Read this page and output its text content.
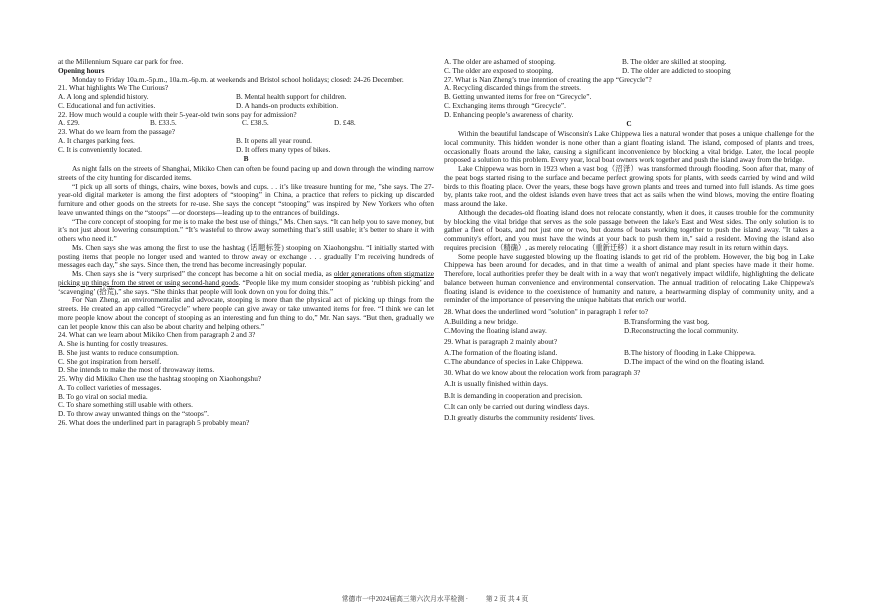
at the Millennium Square car park for free.

Opening hours

Monday to Friday 10a.m.-5p.m., 10a.m.-6p.m. at weekends and Bristol school holidays; closed: 24-26 December.

21. What highlights We The Curious?

A. A long and splendid history.	B. Mental health support for children.
C. Educational and fun activities.	D. A hands-on products exhibition.

22. How much would a couple with their 5-year-old twin sons pay for admission?

A. £29.	B. £33.5.	C. £38.5.	D. £48.

23. What do we learn from the passage?

A. It charges parking fees.	B. It opens all year round.
C. It is conveniently located.	D. It offers many types of bikes.

B

As night falls on the streets of Shanghai, Mikiko Chen can often be found pacing up and down through the winding narrow streets of the city hunting for discarded items.

“I pick up all sorts of things, chairs, wine boxes, bowls and cups. . . it’s like treasure hunting for me, ”she says. The 27-year-old digital marketer is among the first adopters of “stooping” in China, a practice that refers to picking up discarded furniture and other goods on the streets for re-use. She says the concept “stooping” was inspired by New Yorkers who often leave unwanted things on the “stoops” —or doorsteps—leading up to the entrances of buildings.

“The core concept of stooping for me is to make the best use of things,” Ms. Chen says. “It can help you to save money, but it’s not just about lowering consumption.” “It’s wasteful to throw away something that’s still usable; it’s better to share it with others who need it.”

Ms. Chen says she was among the first to use the hashtag (话题标签) stooping on Xiaohongshu. “I initially started with posting items that people no longer used and wanted to throw away or exchange . . . gradually I’m receiving hundreds of messages each day,” she says. Since then, the trend has become increasingly popular.

Ms. Chen says she is “very surprised” the concept has become a hit on social media, as older generations often stigmatize picking up things from the street or using second-hand goods. “People like my mum consider stooping as ‘rubbish picking’ and ‘scavenging’ (拾荒),” she says. “She thinks that people will look down on you for doing this.”

For Nan Zheng, an environmentalist and advocate, stooping is more than the physical act of picking up things from the streets. He created an app called “Grecycle” where people can give away or take unwanted items for free. “I think we can let more people know about the concept of stooping as an interesting and fun thing to do,” Mr. Nan says. “But then, gradually we can let people know this can also be about charity and helping others.”

24. What can we learn about Mikiko Chen from paragraph 2 and 3?

A. She is hunting for costly treasures.

B. She just wants to reduce consumption.

C. She got inspiration from herself.

D. She intends to make the most of throwaway items.

25. Why did Mikiko Chen use the hashtag stooping on Xiaohongshu?

A. To collect varieties of messages.

B. To go viral on social media.

C. To share something still usable with others.

D. To throw away unwanted things on the “stoops”.

26. What does the underlined part in paragraph 5 probably mean?

A. The older are ashamed of stooping.	B. The older are skilled at stooping.
C. The older are exposed to stooping.	D. The older are addicted to stooping

27. What is Nan Zheng’s true intention of creating the app “Grecycle”?

A. Recycling discarded things from the streets.

B. Getting unwanted items for free on “Grecycle”.

C. Exchanging items through “Grecycle”.

D. Enhancing people’s awareness of charity.

C

Within the beautiful landscape of Wisconsin's Lake Chippewa lies a natural wonder that poses a unique challenge for the local community. This hidden wonder is none other than a giant floating island. The island, composed of plants and trees, occasionally floats around the lake, causing a significant inconvenience by blocking a vital bridge. Later, the local people proposed a solution to this problem. Every year, local boat owners work together and push the island away from the bridge.

Lake Chippewa was born in 1923 when a vast bog（沼泽）was transformed through flooding. Soon after that, many of the peat bogs started rising to the surface and became perfect growing spots for plants, with seeds carried by wind and wild birds to this floating place. Over the years, these bogs have grown plants and trees and turned into full islands. As time goes by, plants take root, and the oldest islands even have trees that act as sails when the wind blows, moving the entire floating mass around the lake.

Although the decades-old floating island does not relocate constantly, when it does, it causes trouble for the community by blocking the vital bridge that serves as the sole passage between the lake's East and West sides. The only solution is to gather a fleet of boats, and not just one or two, but dozens of boats working together to push the island away. "It takes a community's effort, and you must have the winds at your back to push them in," said a resident. Moving the island also requires precision（精确）, as merely relocating（重新迁移）it a short distance may result in its return within days.

Some people have suggested blowing up the floating islands to get rid of the problem. However, the big bog in Lake Chippewa has been around for decades, and in that time a wealth of animal and plant species have made it their home. Therefore, local authorities prefer they be dealt with in a way that won't negatively impact wildlife, highlighting the delicate balance between human convenience and environmental conservation. The annual tradition of relocating Lake Chippewa's floating island is evidence to the coexistence of humanity and nature, a heartwarming display of community unity, and a reminder of the importance of preserving the unique habitats that enrich our world.

28. What does the underlined word "solution" in paragraph 1 refer to?

A.Building a new bridge.	B.Transforming the vast bog.
C.Moving the floating island away.	D.Reconstructing the local community.

29. What is paragraph 2 mainly about?

A.The formation of the floating island.	B.The history of flooding in Lake Chippewa.
C.The abundance of species in Lake Chippewa.	D.The impact of the wind on the floating island.

30. What do we know about the relocation work from paragraph 3?

A.It is usually finished within days.

B.It is demanding in cooperation and precision.

C.It can only be carried out during windless days.

D.It greatly disturbs the community residents' lives.

常德市一中2024届高三第六次月水平检测 ·	第 2 页 共 4 页
